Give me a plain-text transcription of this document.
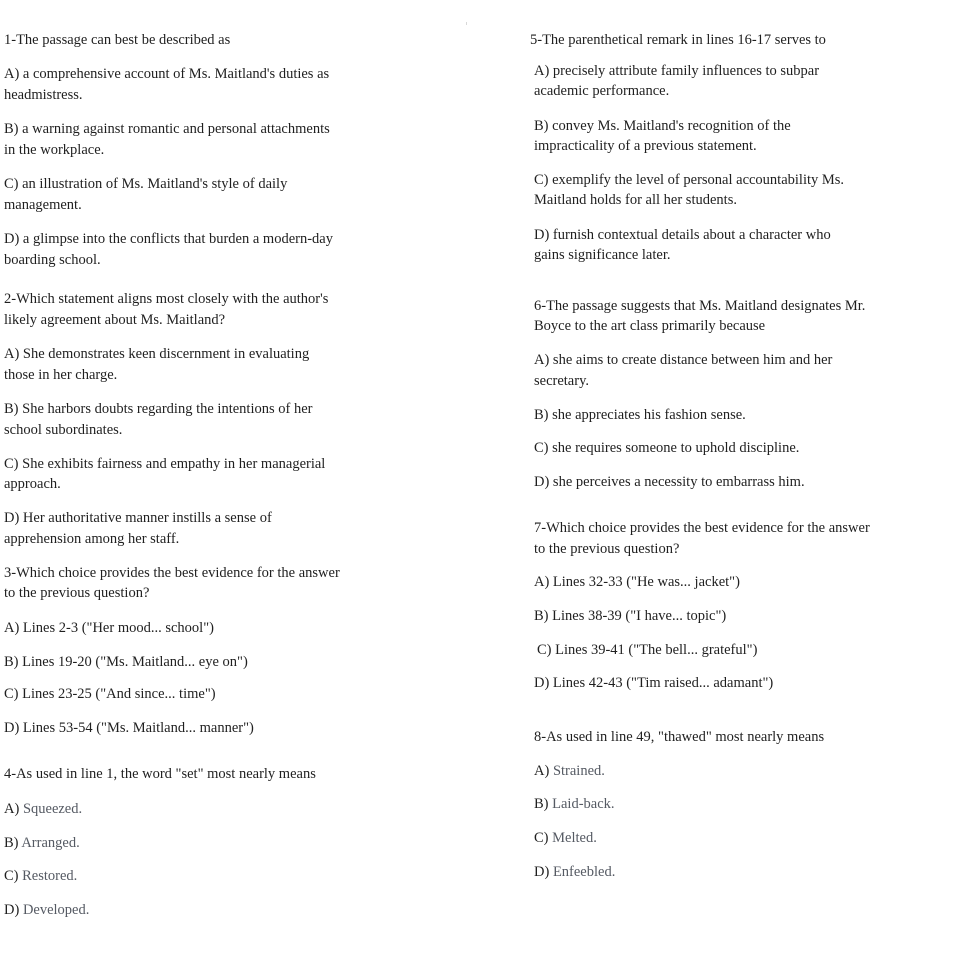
1-The passage can best be described as
A) a comprehensive account of Ms. Maitland's duties as
headmistress.
B) a warning against romantic and personal attachments
in the workplace.
C) an illustration of Ms. Maitland's style of daily
management.
D) a glimpse into the conflicts that burden a modern-day
boarding school.
2-Which statement aligns most closely with the author's
likely agreement about Ms. Maitland?
A) She demonstrates keen discernment in evaluating
those in her charge.
B) She harbors doubts regarding the intentions of her
school subordinates.
C) She exhibits fairness and empathy in her managerial
approach.
D) Her authoritative manner instills a sense of
apprehension among her staff.
3-Which choice provides the best evidence for the answer
to the previous question?
A) Lines 2-3 ("Her mood... school")
B) Lines 19-20 ("Ms. Maitland... eye on")
C) Lines 23-25 ("And since... time")
D) Lines 53-54 ("Ms. Maitland... manner")
4-As used in line 1, the word "set" most nearly means
A) Squeezed.
B) Arranged.
C) Restored.
D) Developed.
5-The parenthetical remark in lines 16-17 serves to
A) precisely attribute family influences to subpar
academic performance.
B) convey Ms. Maitland's recognition of the
impracticality of a previous statement.
C) exemplify the level of personal accountability Ms.
Maitland holds for all her students.
D) furnish contextual details about a character who
gains significance later.
6-The passage suggests that Ms. Maitland designates Mr.
Boyce to the art class primarily because
A) she aims to create distance between him and her
secretary.
B) she appreciates his fashion sense.
C) she requires someone to uphold discipline.
D) she perceives a necessity to embarrass him.
7-Which choice provides the best evidence for the answer
to the previous question?
A) Lines 32-33 ("He was... jacket")
B) Lines 38-39 ("I have... topic")
C) Lines 39-41 ("The bell... grateful")
D) Lines 42-43 ("Tim raised... adamant")
8-As used in line 49, "thawed" most nearly means
A) Strained.
B) Laid-back.
C) Melted.
D) Enfeebled.
